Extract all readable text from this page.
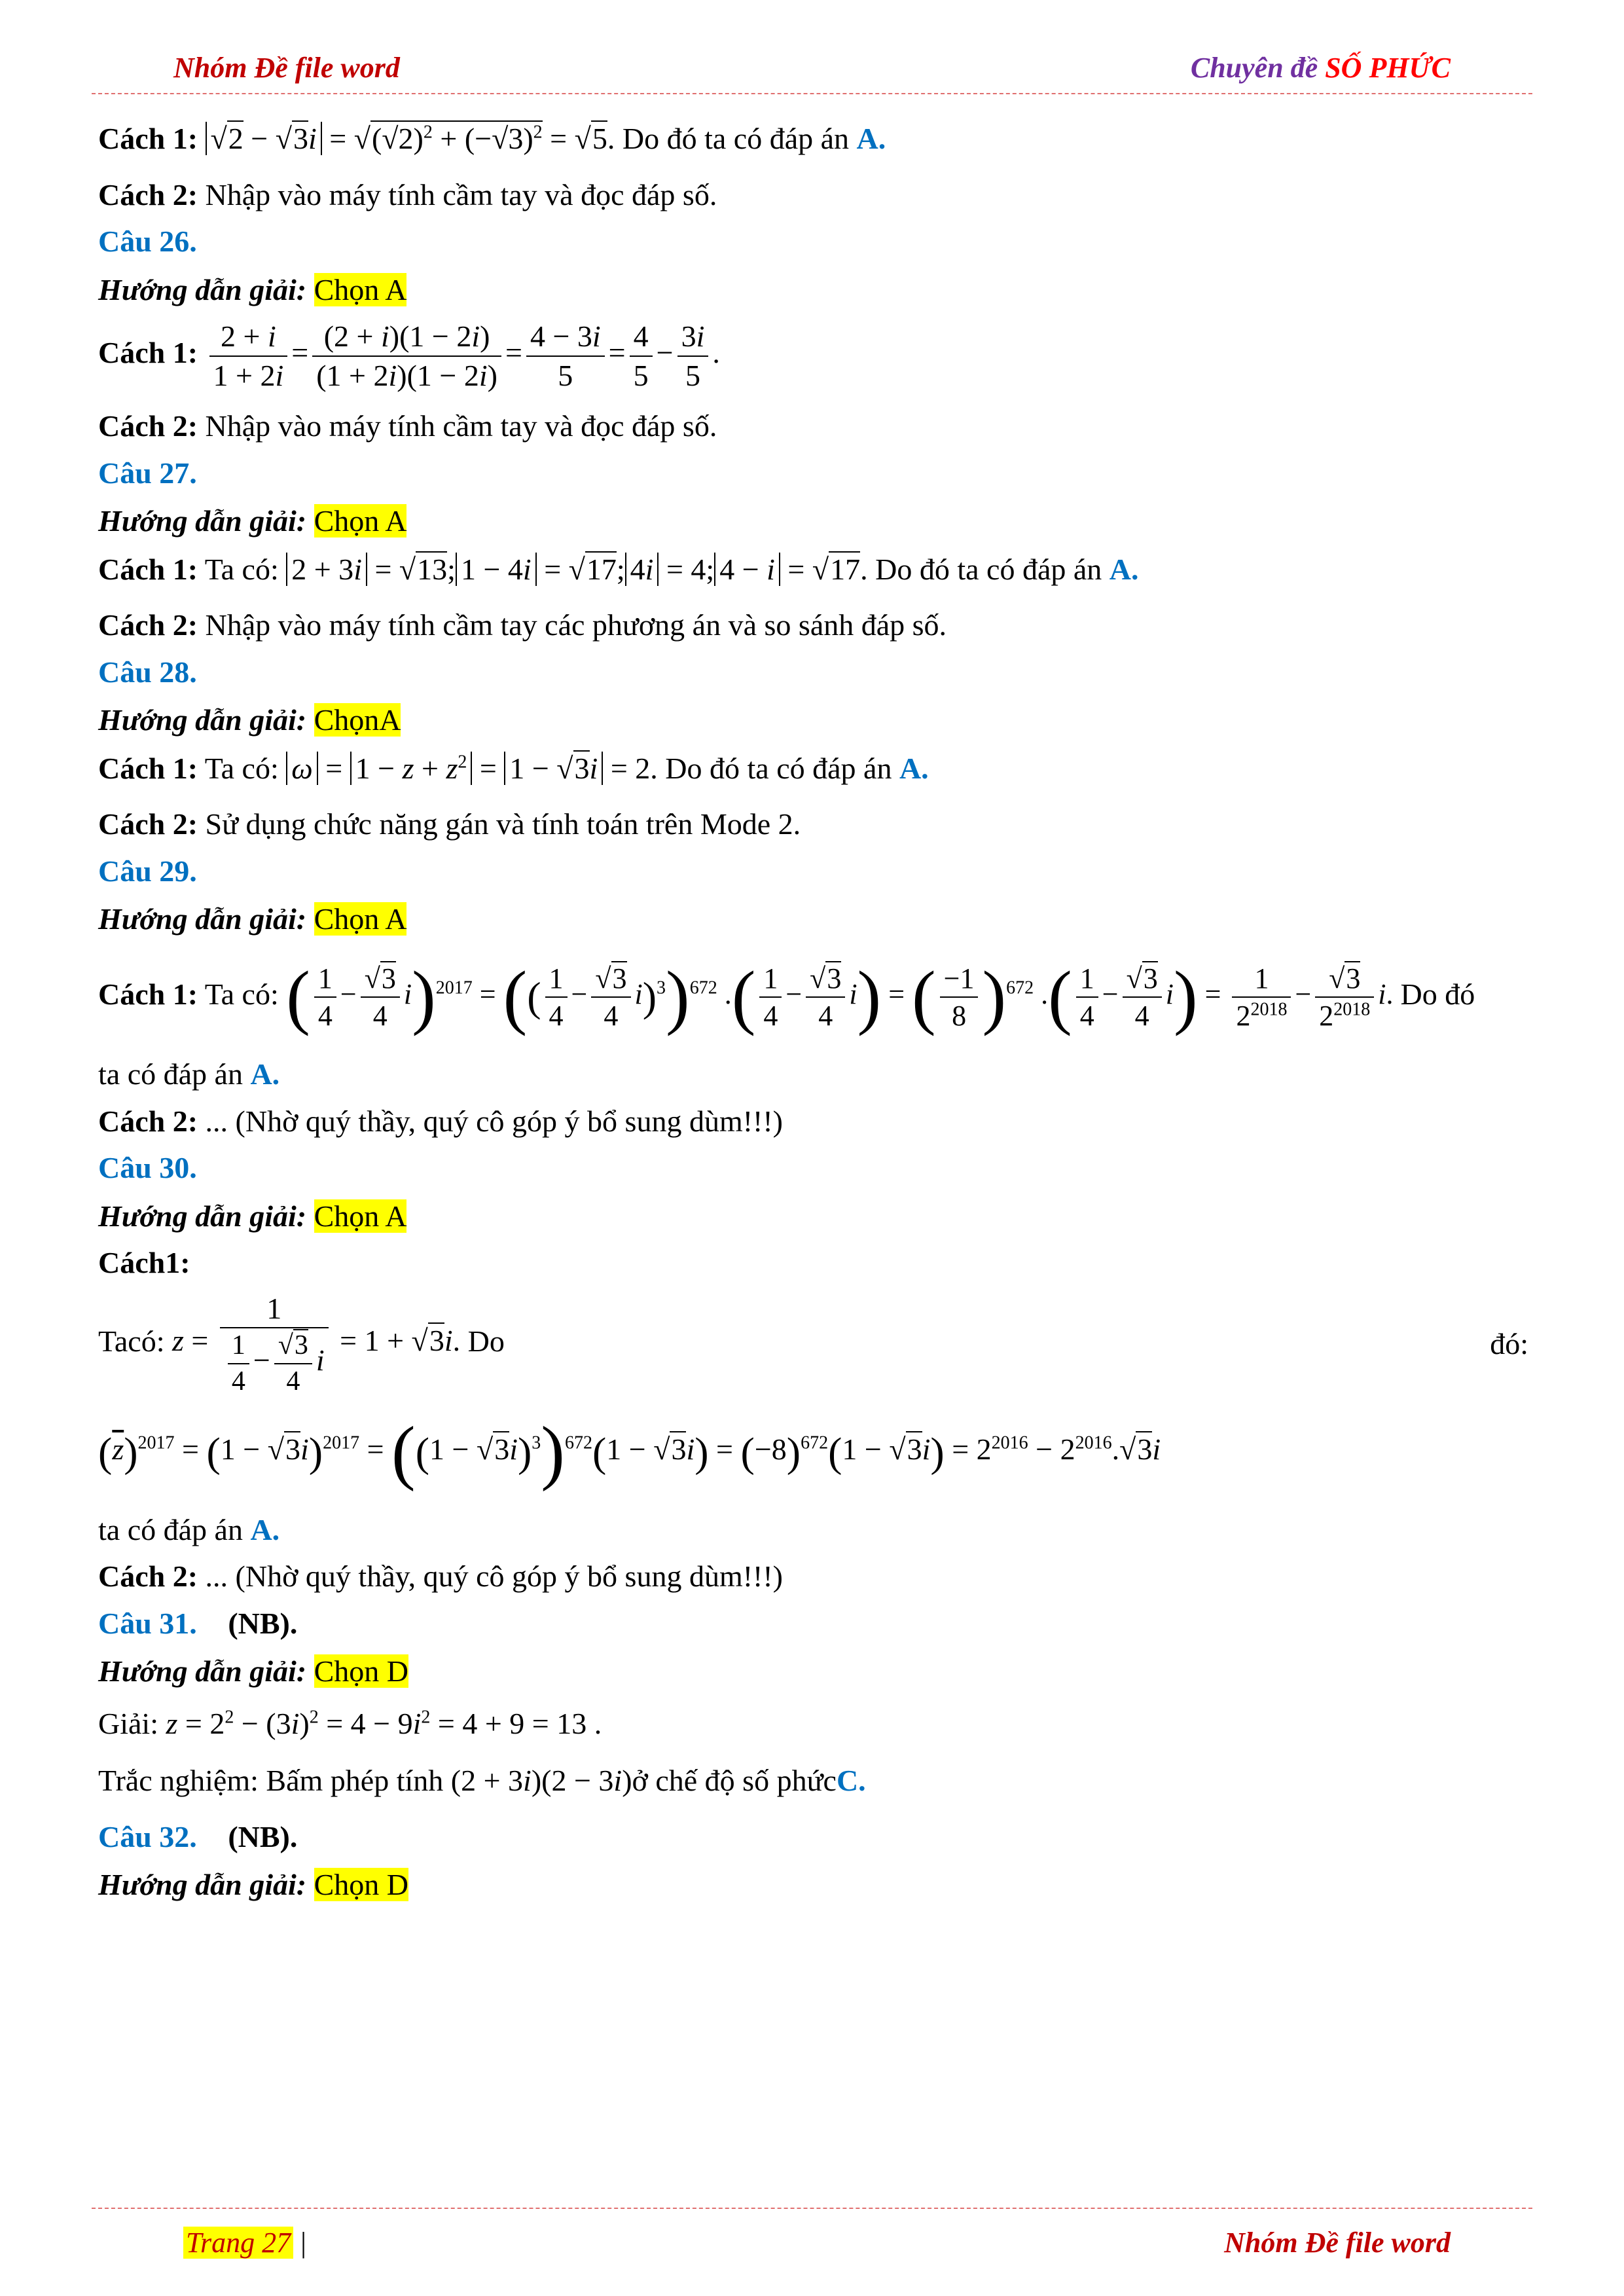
Nhóm Đề file word	Chuyên đề SỐ PHỨC
Cách 1: $√2 - √3i = √(√2)^2 + (-√3)^2 = √5$. Do đó ta có đáp án A.
Cách 2: Nhập vào máy tính cầm tay và đọc đáp số.
Câu 26.
Hướng dẫn giải: Chọn A
Cách 1: $\frac{2 + i}{1 + 2i} = \frac{(2 + i)(1 - 2i)}{(1 + 2i)(1 - 2i)} = \frac{4 - 3i}{5} = \frac{4}{5} - \frac{3i}{5}$ .
Cách 2: Nhập vào máy tính cầm tay và đọc đáp số.
Câu 27.
Hướng dẫn giải: Chọn A
Cách 1: Ta có: 2 + 3i = √13; 1 − 4i = √17; 4i = 4; 4 − i = √17. Do đó ta có đáp án A.
Cách 2: Nhập vào máy tính cầm tay các phương án và so sánh đáp số.
Câu 28.
Hướng dẫn giải: ChọnA
Cách 1: Ta có: $\omega = 1 - z + z^2 = 1 - √3i = 2$. Do đó ta có đáp án A.
Cách 2: Sử dụng chức năng gán và tính toán trên Mode 2.
Câu 29.
Hướng dẫn giải: Chọn A
Cách 1: Ta có: ( $\frac{1}{4} - \frac{√3}{4} i)^{2017}$ = (( $\frac{1}{4} - \frac{√3}{4} i)^3)^{672}$ .( $\frac{1}{4} - \frac{√3}{4} i$) = ( $\frac{-1}{8} )^{672}$ .( $\frac{1}{4} - \frac{√3}{4} i) = \frac{1}{2^{2018}} - \frac{√3}{2^{2018}} i$. Do đó
ta có đáp án A.
Cách 2: ... (Nhờ quý thầy, quý cô góp ý bổ sung dùm!!!)
Câu 30.
Hướng dẫn giải: Chọn A
Cách1:
Tacó: $z = \frac{1}{\frac{1}{4} - \frac{√3}{4} i} = 1 + √3i$. Do	đó:
$(\overline{z})^{2017} = (1 - √3i)^{2017} = ((1 - √3i)^3)^{672}(1 - √3i) = (-8)^{672}(1 - √3i) = 2^{2016} - 2^{2016}.√3i$
ta có đáp án A.
Cách 2: ... (Nhờ quý thầy, quý cô góp ý bổ sung dùm!!!)
Câu 31. (NB).
Hướng dẫn giải: Chọn D
Giải: $z = 2^2 - (3i)^2 = 4 - 9i^2 = 4 + 9 = 13$ .
Trắc nghiệm: Bấm phép tính (2 + 3i)(2 − 3i)ở chế độ số phứcC.
Câu 32. (NB).
Hướng dẫn giải: Chọn D
Trang 27 |	Nhóm Đề file word
